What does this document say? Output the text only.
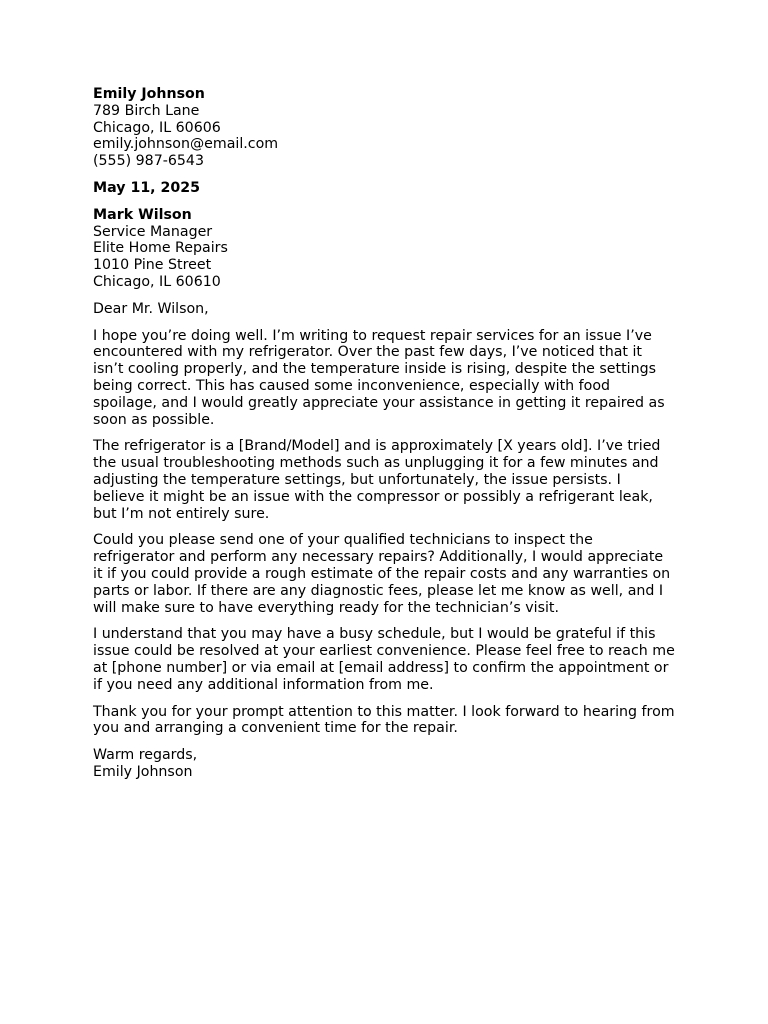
Emily Johnson
789 Birch Lane
Chicago, IL 60606
emily.johnson@email.com
(555) 987-6543
May 11, 2025
Mark Wilson
Service Manager
Elite Home Repairs
1010 Pine Street
Chicago, IL 60610
Dear Mr. Wilson,

I hope you’re doing well. I’m writing to request repair services for an issue I’ve
encountered with my refrigerator. Over the past few days, I’ve noticed that it
isn’t cooling properly, and the temperature inside is rising, despite the settings
being correct. This has caused some inconvenience, especially with food
spoilage, and I would greatly appreciate your assistance in getting it repaired as
soon as possible.

The refrigerator is a [Brand/Model] and is approximately [X years old]. I’ve tried
the usual troubleshooting methods such as unplugging it for a few minutes and
adjusting the temperature settings, but unfortunately, the issue persists. I
believe it might be an issue with the compressor or possibly a refrigerant leak,
but I’m not entirely sure.

Could you please send one of your qualified technicians to inspect the
refrigerator and perform any necessary repairs? Additionally, I would appreciate
it if you could provide a rough estimate of the repair costs and any warranties on
parts or labor. If there are any diagnostic fees, please let me know as well, and I
will make sure to have everything ready for the technician’s visit.

I understand that you may have a busy schedule, but I would be grateful if this
issue could be resolved at your earliest convenience. Please feel free to reach me
at [phone number] or via email at [email address] to confirm the appointment or
if you need any additional information from me.

Thank you for your prompt attention to this matter. I look forward to hearing from
you and arranging a convenient time for the repair.

Warm regards,
Emily Johnson
